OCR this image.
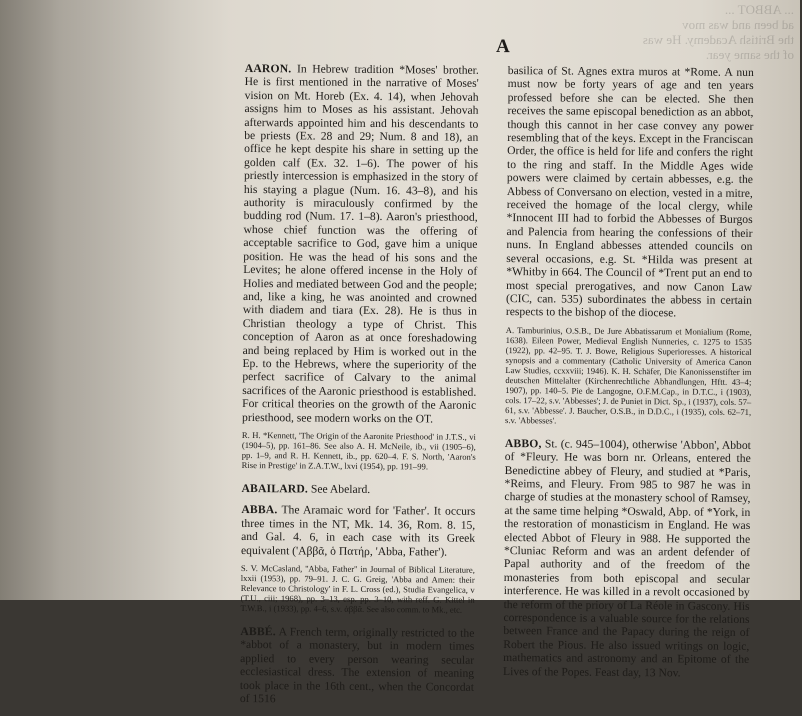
... ABBOT ...
ad been and was mov
the British Academy. He was
of the same year.
A
AARON. In Hebrew tradition *Moses' brother. He is first mentioned in the narrative of Moses' vision on Mt. Horeb (Ex. 4. 14), when Jehovah assigns him to Moses as his assistant. Jehovah afterwards appointed him and his descendants to be priests (Ex. 28 and 29; Num. 8 and 18), an office he kept despite his share in setting up the golden calf (Ex. 32. 1–6). The power of his priestly intercession is emphasized in the story of his staying a plague (Num. 16. 43–8), and his authority is miraculously confirmed by the budding rod (Num. 17. 1–8). Aaron's priesthood, whose chief function was the offering of acceptable sacrifice to God, gave him a unique position. He was the head of his sons and the Levites; he alone offered incense in the Holy of Holies and mediated between God and the people; and, like a king, he was anointed and crowned with diadem and tiara (Ex. 28). He is thus in Christian theology a type of Christ. This conception of Aaron as at once foreshadowing and being replaced by Him is worked out in the Ep. to the Hebrews, where the superiority of the perfect sacrifice of Calvary to the animal sacrifices of the Aaronic priesthood is established. For critical theories on the growth of the Aaronic priesthood, see modern works on the OT.
R. H. *Kennett, 'The Origin of the Aaronite Priesthood' in J.T.S., vi (1904–5), pp. 161–86. See also A. H. McNeile, ib., vii (1905–6), pp. 1–9, and R. H. Kennett, ib., pp. 620–4. F. S. North, 'Aaron's Rise in Prestige' in Z.A.T.W., lxvi (1954), pp. 191–99.
ABAILARD. See Abelard.
ABBA. The Aramaic word for 'Father'. It occurs three times in the NT, Mk. 14. 36, Rom. 8. 15, and Gal. 4. 6, in each case with its Greek equivalent ('Αββᾶ, ὁ Πατήρ, 'Abba, Father').
S. V. McCasland, ''Abba, Father'' in Journal of Biblical Literature, lxxii (1953), pp. 79–91. J. C. G. Greig, 'Abba and Amen: their Relevance to Christology' in F. L. Cross (ed.), Studia Evangelica, v (T.U., ciii; 1968), pp. 3–13, esp. pp. 3–10, with reff. G. Kittel in T.W.B., i (1933), pp. 4–6, s.v. ἀββᾶ. See also comm. to Mk., etc.
ABBÉ. A French term, originally restricted to the *abbot of a monastery, but in modern times applied to every person wearing secular ecclesiastical dress. The extension of meaning took place in the 16th cent., when the Concordat of 1516
basilica of St. Agnes extra muros at *Rome. A nun must now be forty years of age and ten years professed before she can be elected. She then receives the same episcopal benediction as an abbot, though this cannot in her case convey any power resembling that of the keys. Except in the Franciscan Order, the office is held for life and confers the right to the ring and staff. In the Middle Ages wide powers were claimed by certain abbesses, e.g. the Abbess of Conversano on election, vested in a mitre, received the homage of the local clergy, while *Innocent III had to forbid the Abbesses of Burgos and Palencia from hearing the confessions of their nuns. In England abbesses attended councils on several occasions, e.g. St. *Hilda was present at *Whitby in 664. The Council of *Trent put an end to most special prerogatives, and now Canon Law (CIC, can. 535) subordinates the abbess in certain respects to the bishop of the diocese.
A. Tamburinius, O.S.B., De Jure Abbatissarum et Monialium (Rome, 1638). Eileen Power, Medieval English Nunneries, c. 1275 to 1535 (1922), pp. 42–95. T. J. Bowe, Religious Superioresses. A historical synopsis and a commentary (Catholic University of America Canon Law Studies, ccxxviii; 1946). K. H. Schäfer, Die Kanonissenstifter im deutschen Mittelalter (Kirchenrechtliche Abhandlungen, Hftt. 43–4; 1907), pp. 140–5. Pie de Langogne, O.F.M.Cap., in D.T.C., i (1903), cols. 17–22, s.v. 'Abbesses'; J. de Puniet in Dict. Sp., i (1937), cols. 57–61, s.v. 'Abbesse'. J. Baucher, O.S.B., in D.D.C., i (1935), cols. 62–71, s.v. 'Abbesses'.
ABBO, St. (c. 945–1004), otherwise 'Abbon', Abbot of *Fleury. He was born nr. Orleans, entered the Benedictine abbey of Fleury, and studied at *Paris, *Reims, and Fleury. From 985 to 987 he was in charge of studies at the monastery school of Ramsey, at the same time helping *Oswald, Abp. of *York, in the restoration of monasticism in England. He was elected Abbot of Fleury in 988. He supported the *Cluniac Reform and was an ardent defender of Papal authority and of the freedom of the monasteries from both episcopal and secular interference. He was killed in a revolt occasioned by the reform of the priory of La Réole in Gascony. His correspondence is a valuable source for the relations between France and the Papacy during the reign of Robert the Pious. He also issued writings on logic, mathematics and astronomy and an Epitome of the Lives of the Popes. Feast day, 13 Nov.
